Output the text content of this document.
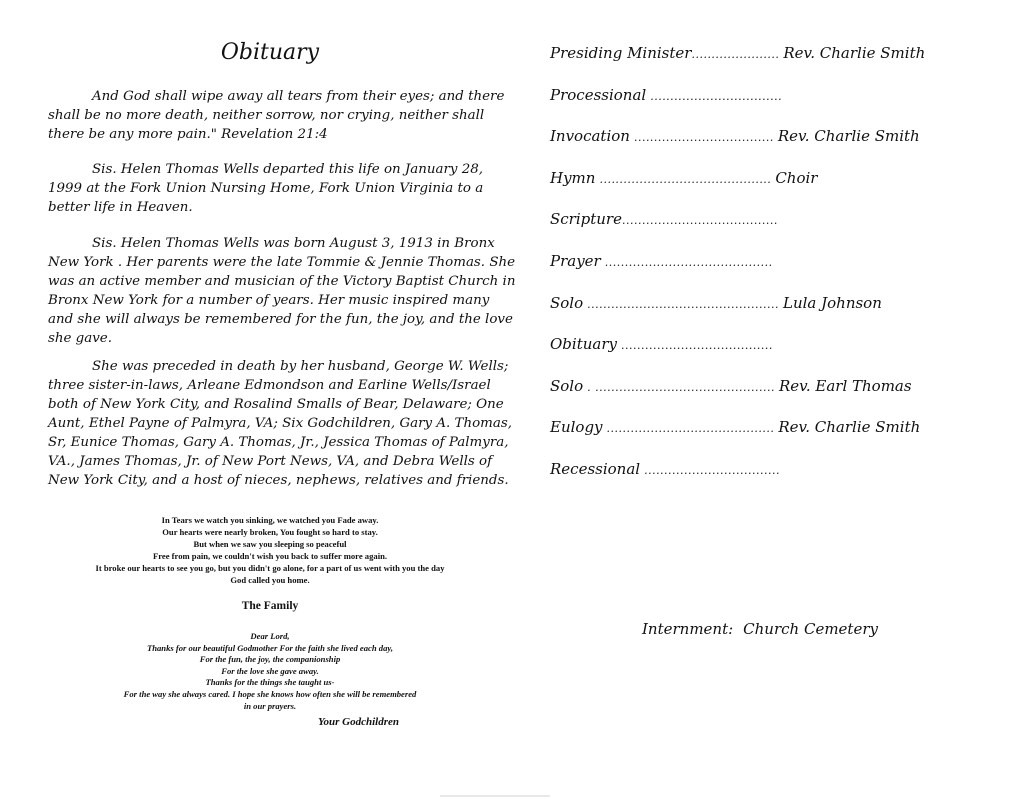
Obituary

And God shall wipe away all tears from their eyes; and there shall be no more death, neither sorrow, nor crying, neither shall there be any more pain." Revelation 21:4

Sis. Helen Thomas Wells departed this life on January 28, 1999 at the Fork Union Nursing Home, Fork Union Virginia to a better life in Heaven.

Sis. Helen Thomas Wells was born August 3, 1913 in Bronx New York . Her parents were the late Tommie & Jennie Thomas. She was an active member and musician of the Victory Baptist Church in Bronx New York for a number of years. Her music inspired many and she will always be remembered for the fun, the joy, and the love she gave.

She was preceded in death by her husband, George W. Wells; three sister-in-laws, Arleane Edmondson and Earline Wells/Israel both of New York City, and Rosalind Smalls of Bear, Delaware; One Aunt, Ethel Payne of Palmyra, VA; Six Godchildren, Gary A. Thomas, Sr, Eunice Thomas, Gary A. Thomas, Jr., Jessica Thomas of Palmyra, VA., James Thomas, Jr. of New Port News, VA, and Debra Wells of New York City, and a host of nieces, nephews, relatives and friends.

In Tears we watch you sinking, we watched you Fade away.
Our hearts were nearly broken, You fought so hard to stay.
But when we saw you sleeping so peaceful
Free from pain, we couldn't wish you back to suffer more again.
It broke our hearts to see you go, but you didn't go alone, for a part of us went with you the day
God called you home.
The Family
Dear Lord,
Thanks for our beautiful Godmother For the faith she lived each day,
For the fun, the joy, the companionship
For the love she gave away.
Thanks for the things she taught us-
For the way she always cared. I hope she knows how often she will be remembered
in our prayers.
Your Godchildren
Presiding Minister...................... Rev. Charlie Smith
Processional .................................
Invocation ................................... Rev. Charlie Smith
Hymn ........................................... Choir
Scripture.......................................
Prayer ..........................................
Solo ................................................ Lula Johnson
Obituary ......................................
Solo . ............................................. Rev. Earl Thomas
Eulogy .......................................... Rev. Charlie Smith
Recessional ..................................
Internment: Church Cemetery
